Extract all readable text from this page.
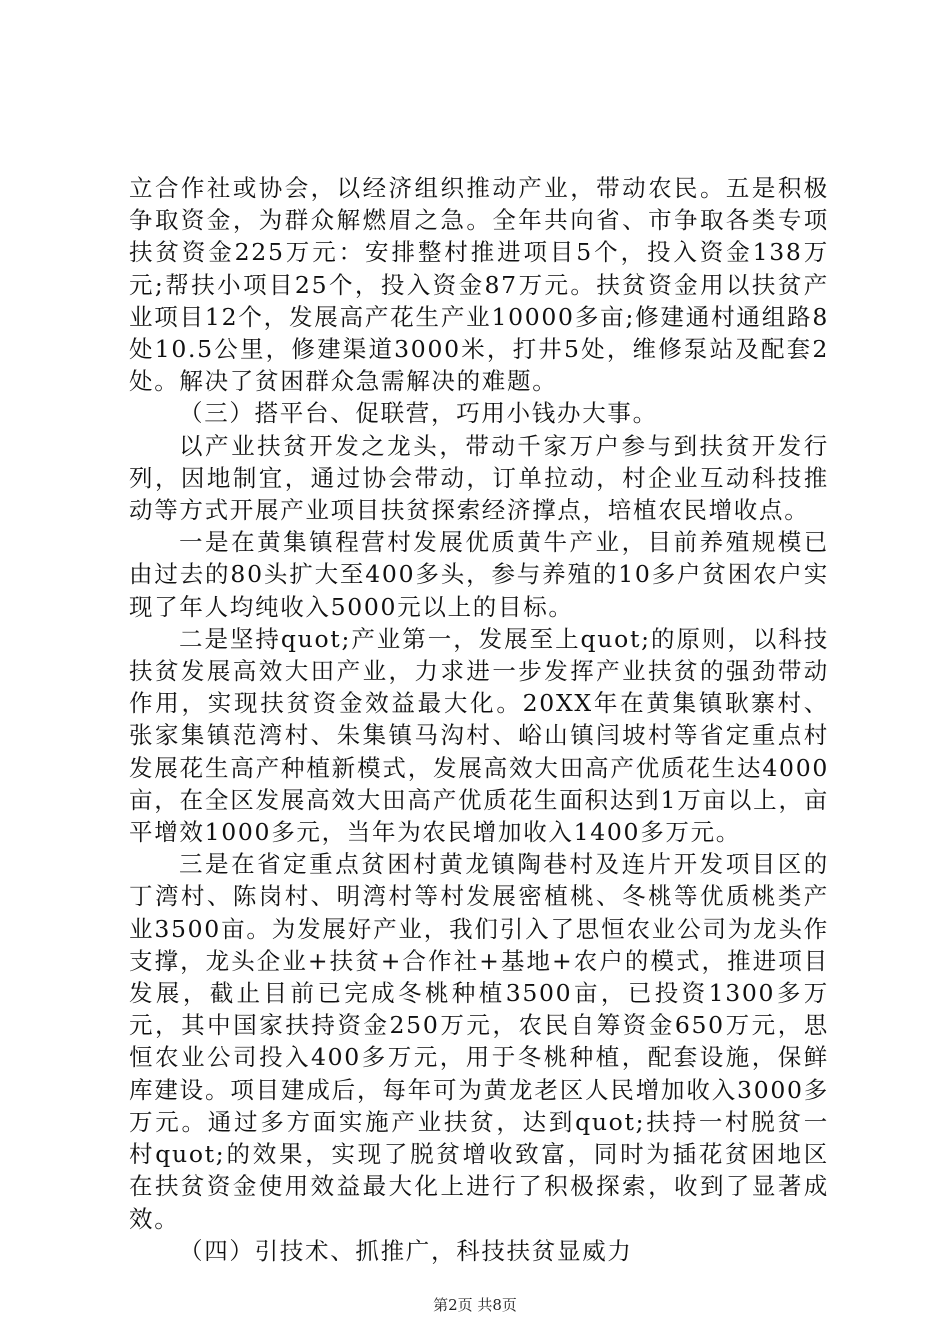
立合作社或协会，以经济组织推动产业，带动农民。五是积极争取资金，为群众解燃眉之急。全年共向省、市争取各类专项扶贫资金225万元：安排整村推进项目5个，投入资金138万元;帮扶小项目25个，投入资金87万元。扶贫资金用以扶贫产业项目12个，发展高产花生产业10000多亩;修建通村通组路8处10.5公里，修建渠道3000米，打井5处，维修泵站及配套2处。解决了贫困群众急需解决的难题。

（三）搭平台、促联营，巧用小钱办大事。

以产业扶贫开发之龙头，带动千家万户参与到扶贫开发行列，因地制宜，通过协会带动，订单拉动，村企业互动科技推动等方式开展产业项目扶贫探索经济撑点，培植农民增收点。

一是在黄集镇程营村发展优质黄牛产业，目前养殖规模已由过去的80头扩大至400多头，参与养殖的10多户贫困农户实现了年人均纯收入5000元以上的目标。

二是坚持quot;产业第一，发展至上quot;的原则，以科技扶贫发展高效大田产业，力求进一步发挥产业扶贫的强劲带动作用，实现扶贫资金效益最大化。20XX年在黄集镇耿寨村、张家集镇范湾村、朱集镇马沟村、峪山镇闫坡村等省定重点村发展花生高产种植新模式，发展高效大田高产优质花生达4000亩，在全区发展高效大田高产优质花生面积达到1万亩以上，亩平增效1000多元，当年为农民增加收入1400多万元。

三是在省定重点贫困村黄龙镇陶巷村及连片开发项目区的丁湾村、陈岗村、明湾村等村发展密植桃、冬桃等优质桃类产业3500亩。为发展好产业，我们引入了思恒农业公司为龙头作支撑，龙头企业+扶贫+合作社+基地+农户的模式，推进项目发展，截止目前已完成冬桃种植3500亩，已投资1300多万元，其中国家扶持资金250万元，农民自筹资金650万元，思恒农业公司投入400多万元，用于冬桃种植，配套设施，保鲜库建设。项目建成后，每年可为黄龙老区人民增加收入3000多万元。通过多方面实施产业扶贫，达到quot;扶持一村脱贫一村quot;的效果，实现了脱贫增收致富，同时为插花贫困地区在扶贫资金使用效益最大化上进行了积极探索，收到了显著成效。

（四）引技术、抓推广，科技扶贫显威力

第2页 共8页
